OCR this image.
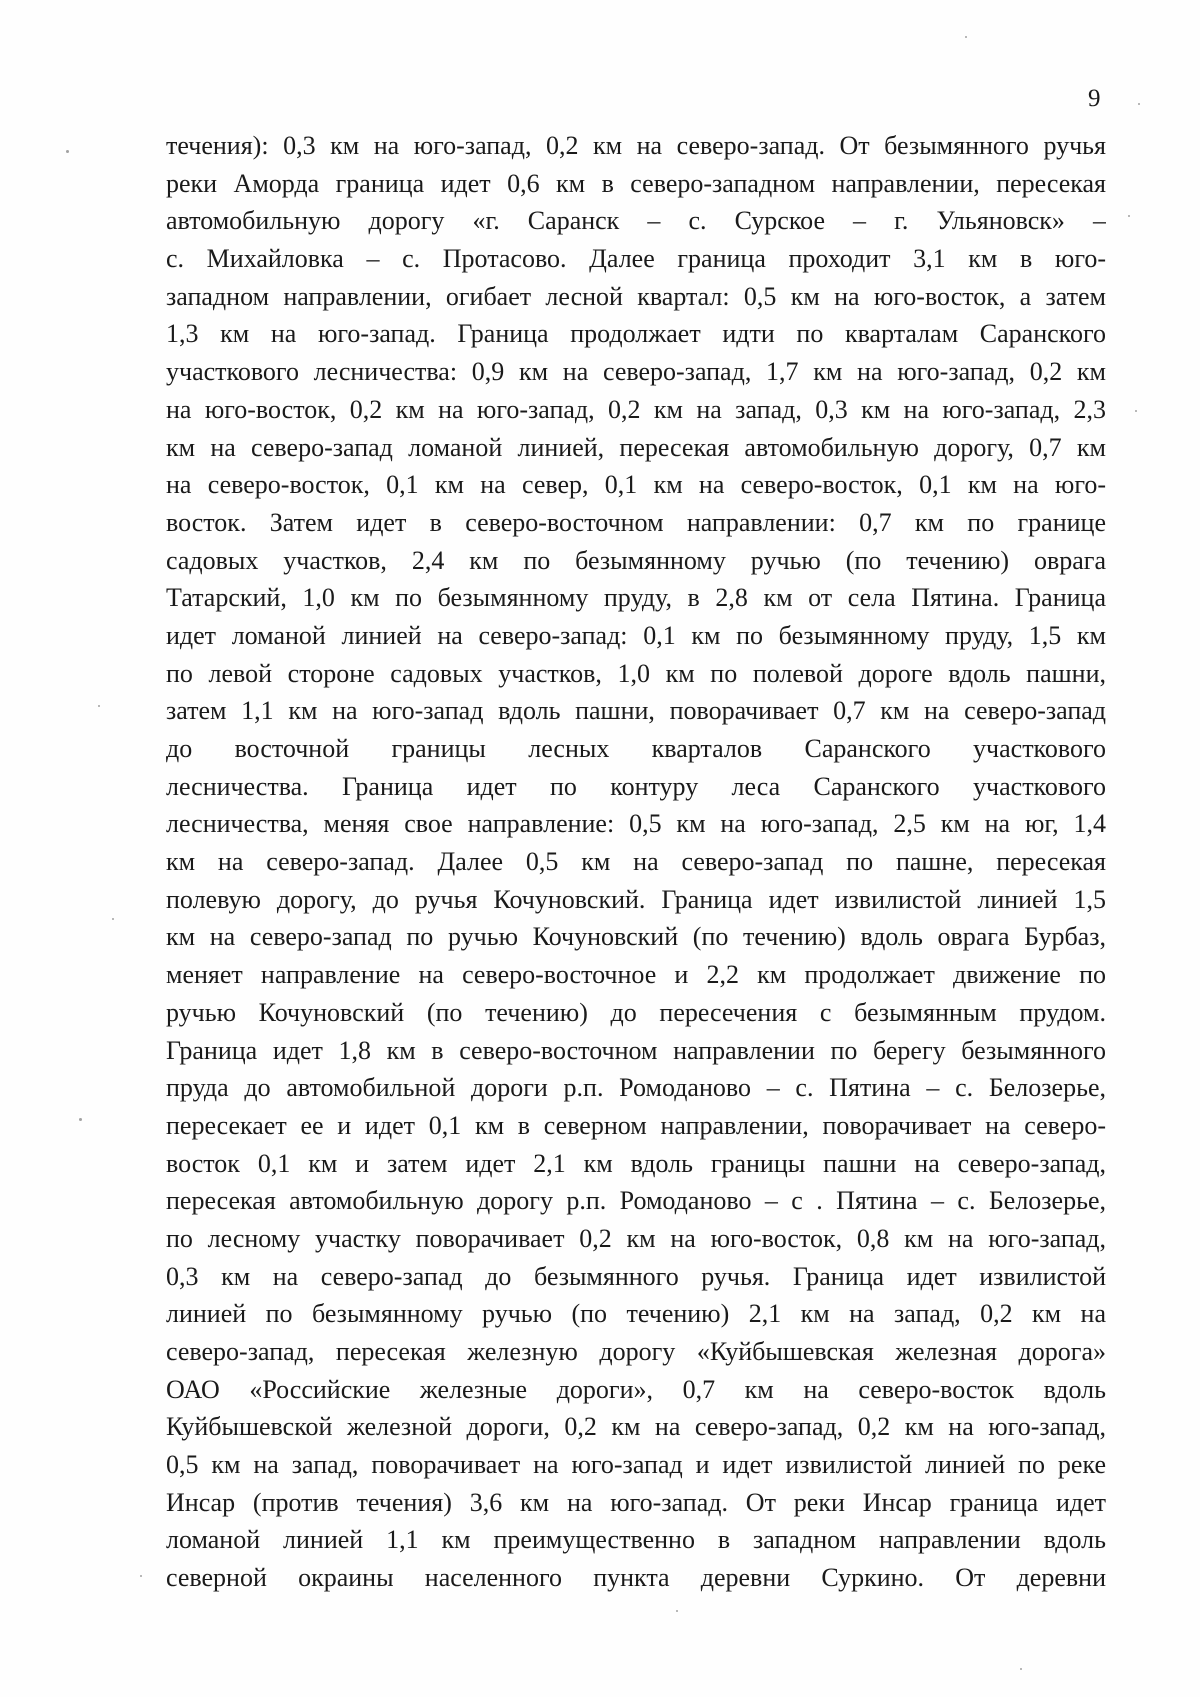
9
течения): 0,3 км на юго-запад, 0,2 км на северо-запад. От безымянного ручья
реки Аморда граница идет 0,6 км в северо-западном направлении, пересекая
автомобильную дорогу «г. Саранск – с. Сурское – г. Ульяновск» –
с. Михайловка – с. Протасово. Далее граница проходит 3,1 км в юго-
западном направлении, огибает лесной квартал: 0,5 км на юго-восток, а затем
1,3 км на юго-запад. Граница продолжает идти по кварталам Саранского
участкового лесничества: 0,9 км на северо-запад, 1,7 км на юго-запад, 0,2 км
на юго-восток, 0,2 км на юго-запад, 0,2 км на запад, 0,3 км на юго-запад, 2,3
км на северо-запад ломаной линией, пересекая автомобильную дорогу, 0,7 км
на северо-восток, 0,1 км на север, 0,1 км на северо-восток, 0,1 км на юго-
восток. Затем идет в северо-восточном направлении: 0,7 км по границе
садовых участков, 2,4 км по безымянному ручью (по течению) оврага
Татарский, 1,0 км по безымянному пруду, в 2,8 км от села Пятина. Граница
идет ломаной линией на северо-запад: 0,1 км по безымянному пруду, 1,5 км
по левой стороне садовых участков, 1,0 км по полевой дороге вдоль пашни,
затем 1,1 км на юго-запад вдоль пашни, поворачивает 0,7 км на северо-запад
до восточной границы лесных кварталов Саранского участкового
лесничества. Граница идет по контуру леса Саранского участкового
лесничества, меняя свое направление: 0,5 км на юго-запад, 2,5 км на юг, 1,4
км на северо-запад. Далее 0,5 км на северо-запад по пашне, пересекая
полевую дорогу, до ручья Кочуновский. Граница идет извилистой линией 1,5
км на северо-запад по ручью Кочуновский (по течению) вдоль оврага Бурбаз,
меняет направление на северо-восточное и 2,2 км продолжает движение по
ручью Кочуновский (по течению) до пересечения с безымянным прудом.
Граница идет 1,8 км в северо-восточном направлении по берегу безымянного
пруда до автомобильной дороги р.п. Ромоданово – с. Пятина – с. Белозерье,
пересекает ее и идет 0,1 км в северном направлении, поворачивает на северо-
восток 0,1 км и затем идет 2,1 км вдоль границы пашни на северо-запад,
пересекая автомобильную дорогу р.п. Ромоданово – с . Пятина – с. Белозерье,
по лесному участку поворачивает 0,2 км на юго-восток, 0,8 км на юго-запад,
0,3 км на северо-запад до безымянного ручья. Граница идет извилистой
линией по безымянному ручью (по течению) 2,1 км на запад, 0,2 км на
северо-запад, пересекая железную дорогу «Куйбышевская железная дорога»
ОАО «Российские железные дороги», 0,7 км на северо-восток вдоль
Куйбышевской железной дороги, 0,2 км на северо-запад, 0,2 км на юго-запад,
0,5 км на запад, поворачивает на юго-запад и идет извилистой линией по реке
Инсар (против течения) 3,6 км на юго-запад. От реки Инсар граница идет
ломаной линией 1,1 км преимущественно в западном направлении вдоль
северной окраины населенного пункта деревни Суркино. От деревни
